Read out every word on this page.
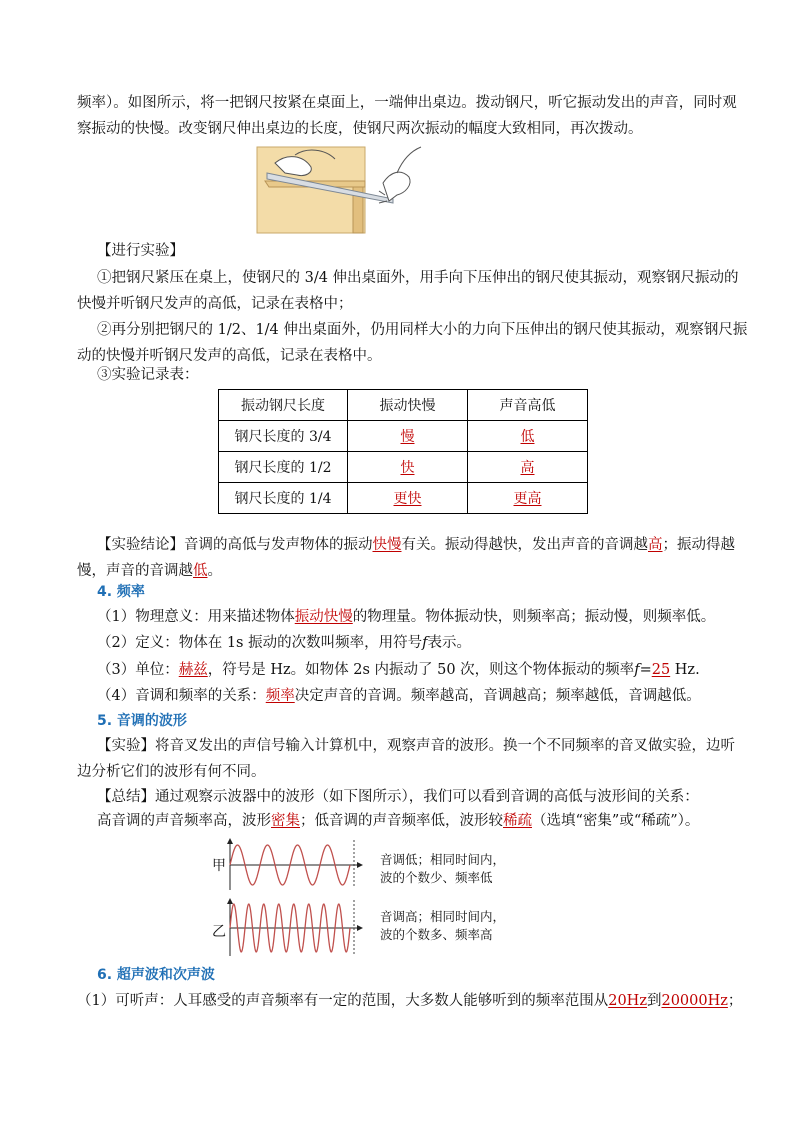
频率）。如图所示，将一把钢尺按紧在桌面上，一端伸出桌边。拨动钢尺，听它振动发出的声音，同时观
察振动的快慢。改变钢尺伸出桌边的长度，使钢尺两次振动的幅度大致相同，再次拨动。
【进行实验】
①把钢尺紧压在桌上，使钢尺的 3/4 伸出桌面外，用手向下压伸出的钢尺使其振动，观察钢尺振动的
快慢并听钢尺发声的高低，记录在表格中；
②再分别把钢尺的 1/2、1/4 伸出桌面外，仍用同样大小的力向下压伸出的钢尺使其振动，观察钢尺振
动的快慢并听钢尺发声的高低，记录在表格中。
③实验记录表：
振动钢尺长度	振动快慢	声音高低
钢尺长度的 3/4	慢	低
钢尺长度的 1/2	快	高
钢尺长度的 1/4	更快	更高
【实验结论】音调的高低与发声物体的振动快慢有关。振动得越快，发出声音的音调越高；振动得越
慢，声音的音调越低。
4. 频率
（1）物理意义：用来描述物体振动快慢的物理量。物体振动快，则频率高；振动慢，则频率低。
（2）定义：物体在 1s 振动的次数叫频率，用符号f表示。
（3）单位：赫兹，符号是 Hz。如物体 2s 内振动了 50 次，则这个物体振动的频率f=25 Hz.
（4）音调和频率的关系：频率决定声音的音调。频率越高，音调越高；频率越低，音调越低。
5. 音调的波形
【实验】将音叉发出的声信号输入计算机中，观察声音的波形。换一个不同频率的音叉做实验，边听
边分析它们的波形有何不同。
【总结】通过观察示波器中的波形（如下图所示），我们可以看到音调的高低与波形间的关系：
高音调的声音频率高，波形密集；低音调的声音频率低，波形较稀疏（选填“密集”或“稀疏”）。
甲
乙
音调低；相同时间内，
波的个数少、频率低
音调高；相同时间内，
波的个数多、频率高
6. 超声波和次声波
（1）可听声：人耳感受的声音频率有一定的范围，大多数人能够听到的频率范围从20Hz到20000Hz；
